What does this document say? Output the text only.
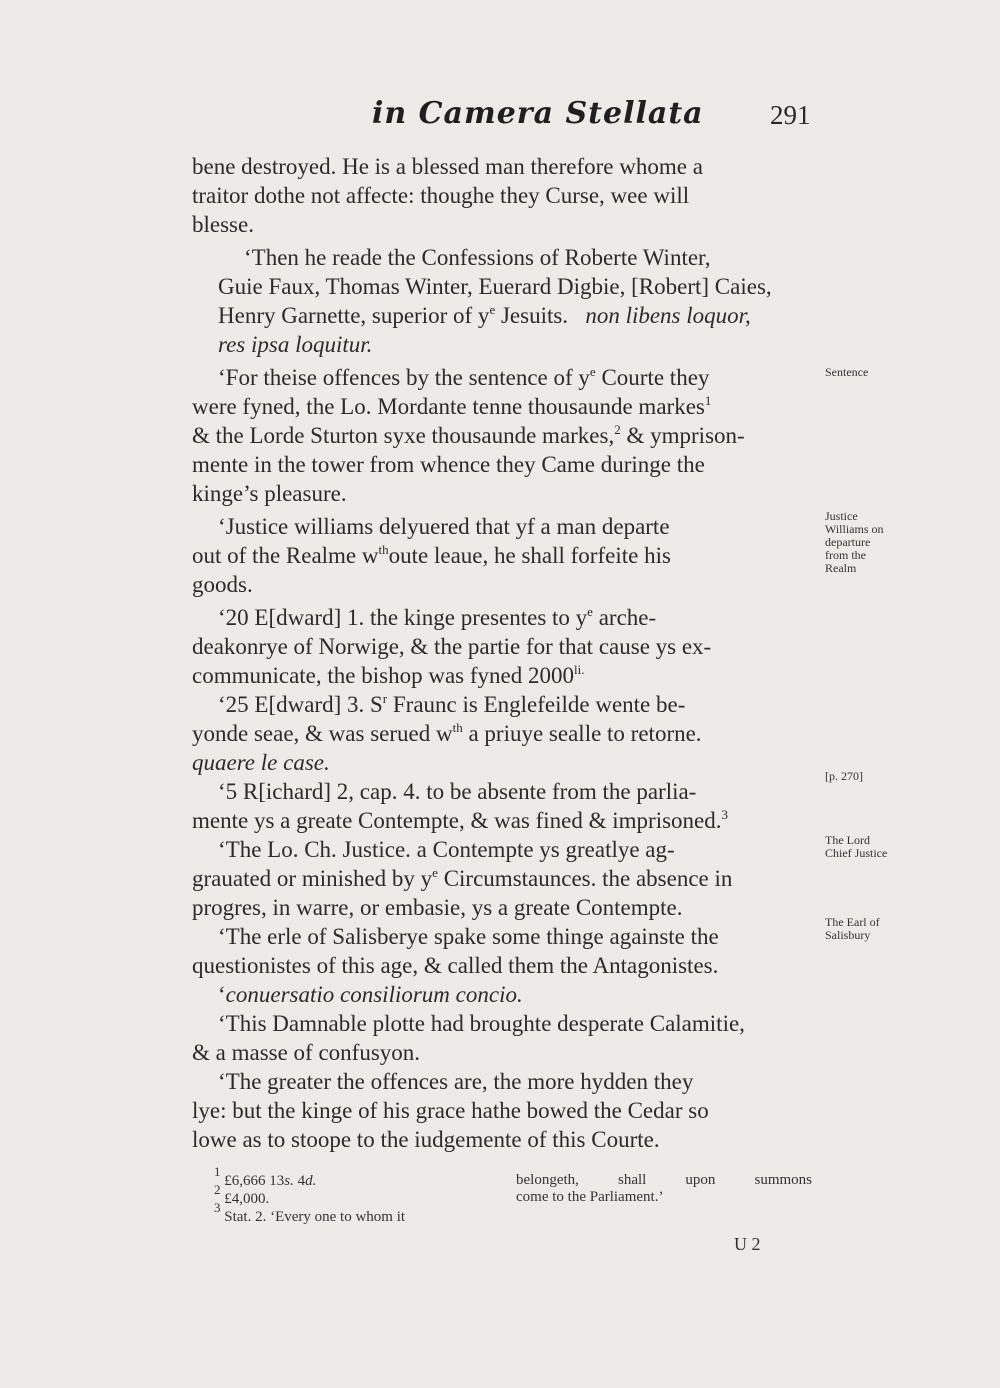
in Camera Stellata 291

bene destroyed. He is a blessed man therefore whome a
traitor dothe not affecte: thoughe they Curse, wee will
blesse.

‘Then he reade the Confessions of Roberte Winter,
Guie Faux, Thomas Winter, Euerard Digbie, [Robert] Caies,
Henry Garnette, superior of $y^e$ Jesuits. non libens loquor,
res ipsa loquitur.

‘For theise offences by the sentence of $y^e$ Courte they
were fyned, the Lo. Mordante tenne thousaunde markes$^1$
& the Lorde Sturton syxe thousaunde markes,$^2$ & ymprison-
mente in the tower from whence they Came duringe the
kinge’s pleasure.

‘Justice williams delyuered that yf a man departe
out of the Realme $w^{th}oute$ leaue, he shall forfeite his
goods.

‘20 E[dward] 1. the kinge presentes to $y^e$ arche-
deakonrye of Norwige, & the partie for that cause ys ex-
communicate, the bishop was fyned $2000^{li.}$

‘25 E[dward] 3. $S^r$ Fraunc is Englefeilde wente be-
yonde seae, & was serued $w^{th}$ a priuye sealle to retorne.
quaere le case.

‘5 R[ichard] 2, cap. 4. to be absente from the parlia-
mente ys a greate Contempte, & was fined & imprisoned.$^3$

‘The Lo. Ch. Justice. a Contempte ys greatlye ag-
grauated or minished by $y^e$ Circumstaunces. the absence in
progres, in warre, or embasie, ys a greate Contempte.

‘The erle of Salisberye spake some thinge againste the
questionistes of this age, & called them the Antagonistes.

‘conuersatio consiliorum concio.

‘This Damnable plotte had broughte desperate Calamitie,
& a masse of confusyon.

‘The greater the offences are, the more hydden they
lye: but the kinge of his grace hathe bowed the Cedar so
lowe as to stoope to the iudgemente of this Courte.

Sentence
Justice
Williams on
departure
from the
Realm
[p. 270]
The Lord
Chief Justice
The Earl of
Salisbury
$^1$ £6,666 13s. 4d.
$^2$ £4,000.
$^3$ Stat. 2. ‘Every one to whom it
belongeth, shall upon summons
come to the Parliament.’
U 2
